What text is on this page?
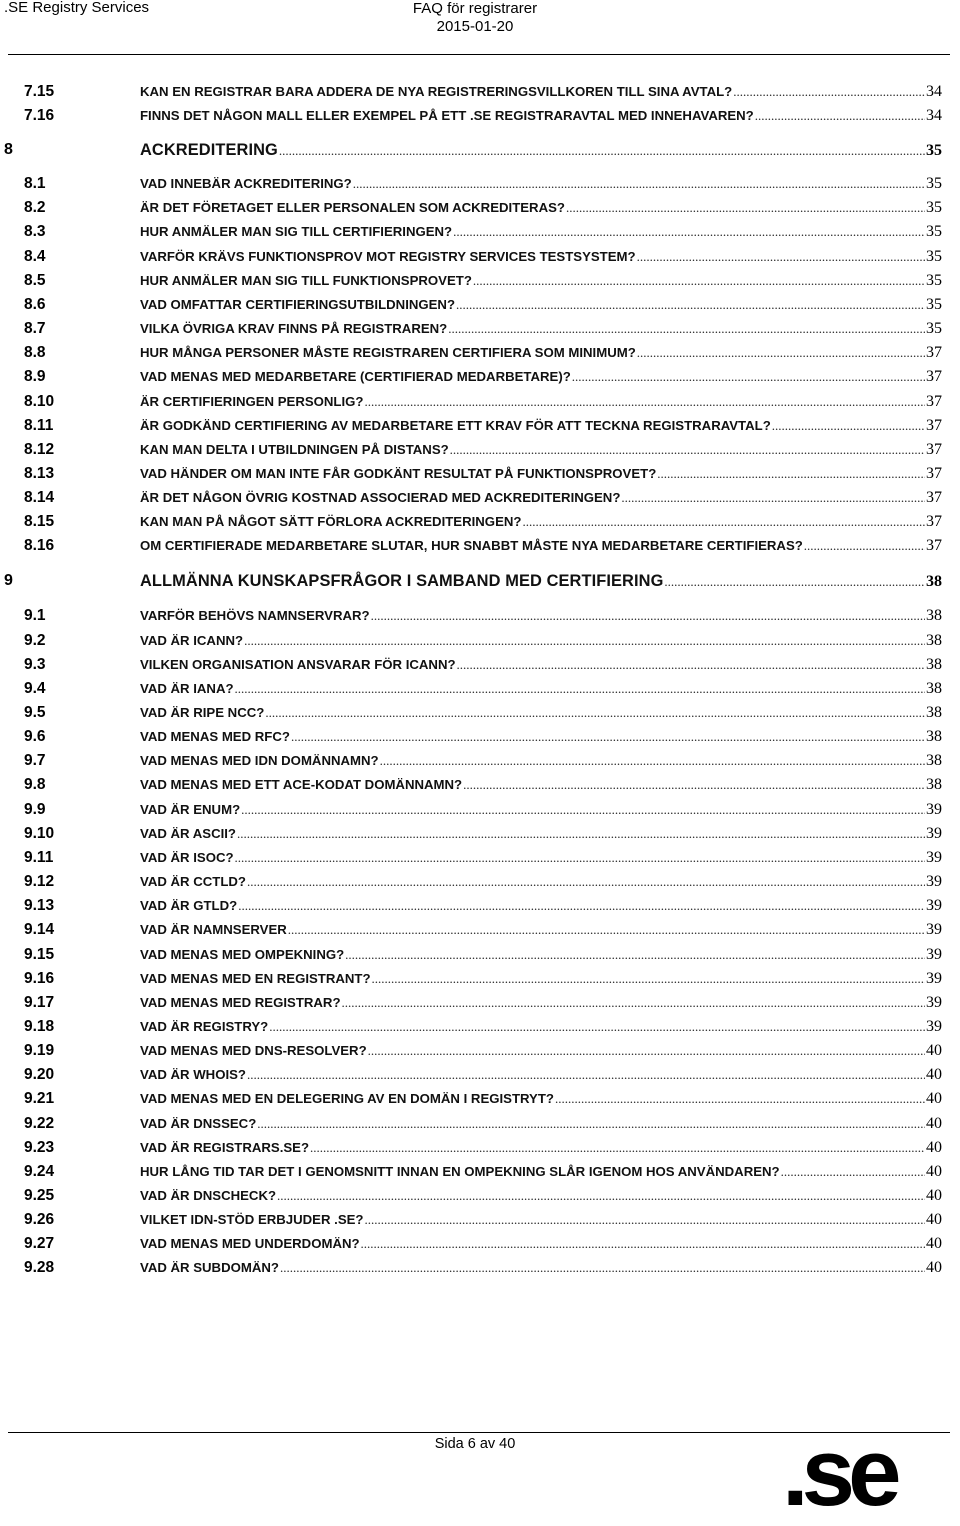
.SE Registry Services	FAQ för registrarer
2015-01-20
7.15	KAN EN REGISTRAR BARA ADDERA DE NYA REGISTRERINGSVILLKOREN TILL SINA AVTAL? .....	34
7.16	FINNS DET NÅGON MALL ELLER EXEMPEL PÅ ETT .SE REGISTRARAVTAL MED INNEHAVAREN? .....	34
8	ACKREDITERING .....	35
8.1	VAD INNEBÄR ACKREDITERING? .....	35
8.2	ÄR DET FÖRETAGET ELLER PERSONALEN SOM ACKREDITERAS? .....	35
8.3	HUR ANMÄLER MAN SIG TILL CERTIFIERINGEN? .....	35
8.4	VARFÖR KRÄVS FUNKTIONSPROV MOT REGISTRY SERVICES TESTSYSTEM? .....	35
8.5	HUR ANMÄLER MAN SIG TILL FUNKTIONSPROVET? .....	35
8.6	VAD OMFATTAR CERTIFIERINGSUTBILDNINGEN? .....	35
8.7	VILKA ÖVRIGA KRAV FINNS PÅ REGISTRAREN? .....	35
8.8	HUR MÅNGA PERSONER MÅSTE REGISTRAREN CERTIFIERA SOM MINIMUM? .....	37
8.9	VAD MENAS MED MEDARBETARE (CERTIFIERAD MEDARBETARE)? .....	37
8.10	ÄR CERTIFIERINGEN PERSONLIG? .....	37
8.11	ÄR GODKÄND CERTIFIERING AV MEDARBETARE ETT KRAV FÖR ATT TECKNA REGISTRARAVTAL? .....	37
8.12	KAN MAN DELTA I UTBILDNINGEN PÅ DISTANS? .....	37
8.13	VAD HÄNDER OM MAN INTE FÅR GODKÄNT RESULTAT PÅ FUNKTIONSPROVET? .....	37
8.14	ÄR DET NÅGON ÖVRIG KOSTNAD ASSOCIERAD MED ACKREDITERINGEN? .....	37
8.15	KAN MAN PÅ NÅGOT SÄTT FÖRLORA ACKREDITERINGEN? .....	37
8.16	OM CERTIFIERADE MEDARBETARE SLUTAR, HUR SNABBT MÅSTE NYA MEDARBETARE CERTIFIERAS? .....	37
9	ALLMÄNNA KUNSKAPSFRÅGOR I SAMBAND MED CERTIFIERING .....	38
9.1	VARFÖR BEHÖVS NAMNSERVRAR? .....	38
9.2	VAD ÄR ICANN? .....	38
9.3	VILKEN ORGANISATION ANSVARAR FÖR ICANN? .....	38
9.4	VAD ÄR IANA? .....	38
9.5	VAD ÄR RIPE NCC? .....	38
9.6	VAD MENAS MED RFC? .....	38
9.7	VAD MENAS MED IDN DOMÄNNAMN? .....	38
9.8	VAD MENAS MED ETT ACE-KODAT DOMÄNNAMN? .....	38
9.9	VAD ÄR ENUM? .....	39
9.10	VAD ÄR ASCII? .....	39
9.11	VAD ÄR ISOC? .....	39
9.12	VAD ÄR CCTLD? .....	39
9.13	VAD ÄR GTLD? .....	39
9.14	VAD ÄR NAMNSERVER .....	39
9.15	VAD MENAS MED OMPEKNING? .....	39
9.16	VAD MENAS MED EN REGISTRANT? .....	39
9.17	VAD MENAS MED REGISTRAR? .....	39
9.18	VAD ÄR REGISTRY? .....	39
9.19	VAD MENAS MED DNS-RESOLVER? .....	40
9.20	VAD ÄR WHOIS? .....	40
9.21	VAD MENAS MED EN DELEGERING AV EN DOMÄN I REGISTRYT? .....	40
9.22	VAD ÄR DNSSEC? .....	40
9.23	VAD ÄR REGISTRARS.SE? .....	40
9.24	HUR LÅNG TID TAR DET I GENOMSNITT INNAN EN OMPEKNING SLÅR IGENOM HOS ANVÄNDAREN? .....	40
9.25	VAD ÄR DNSCHECK? .....	40
9.26	VILKET IDN-STÖD ERBJUDER .SE? .....	40
9.27	VAD MENAS MED UNDERDOMÄN? .....	40
9.28	VAD ÄR SUBDOMÄN? .....	40
Sida 6 av 40	.se
